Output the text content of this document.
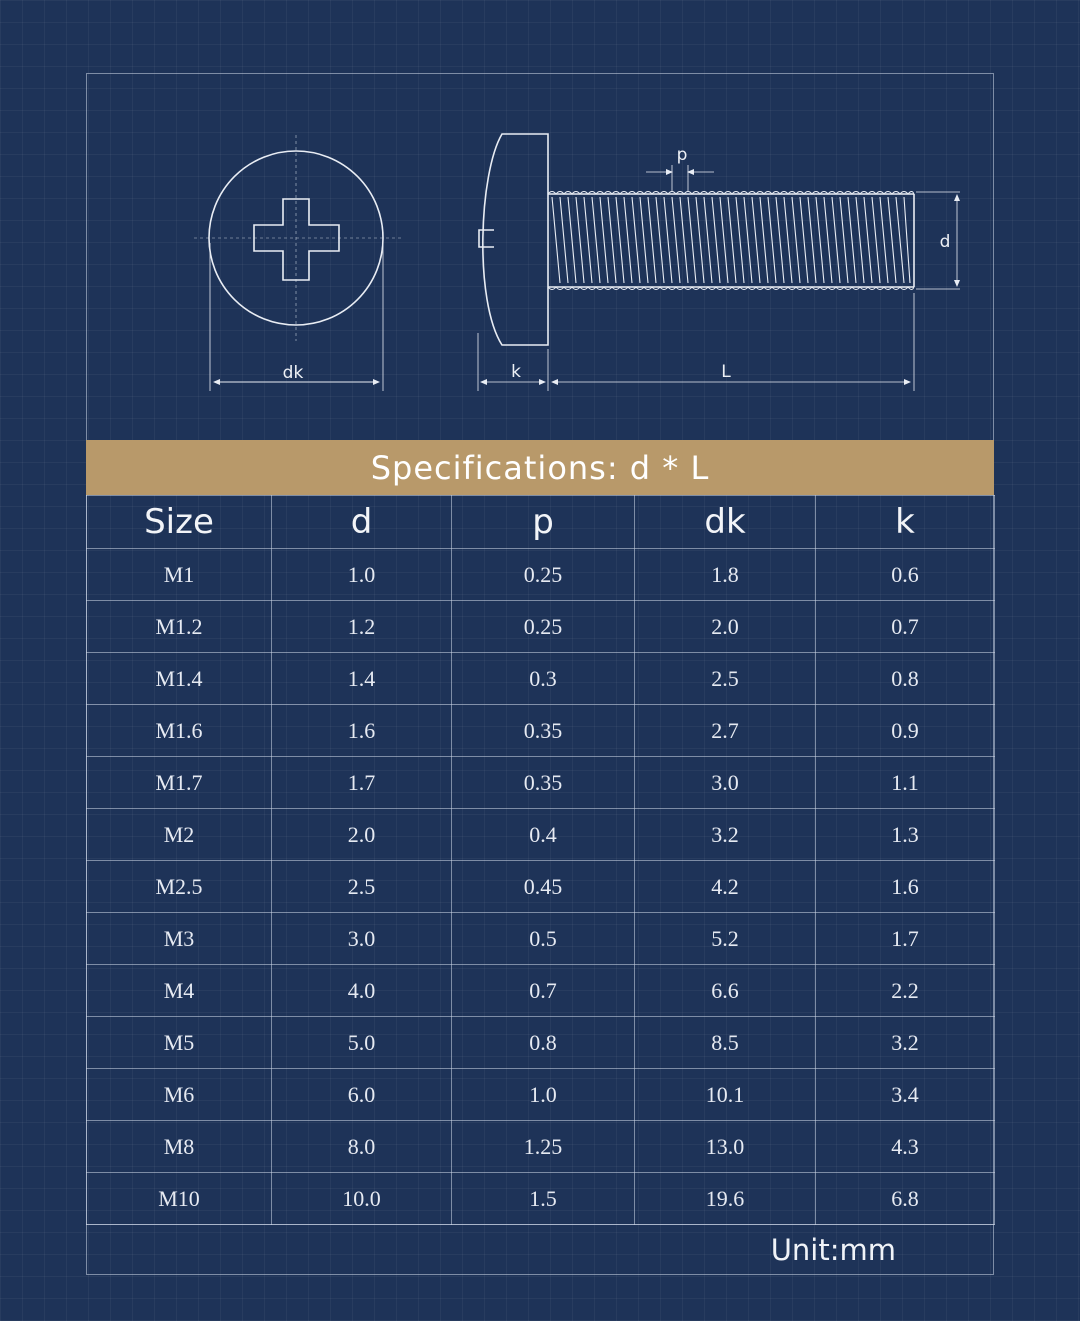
p
d
dk	k	L
Specifications: d * L
Size	d	p	dk	k
M1	1.0	0.25	1.8	0.6
M1.2	1.2	0.25	2.0	0.7
M1.4	1.4	0.3	2.5	0.8
M1.6	1.6	0.35	2.7	0.9
M1.7	1.7	0.35	3.0	1.1
M2	2.0	0.4	3.2	1.3
M2.5	2.5	0.45	4.2	1.6
M3	3.0	0.5	5.2	1.7
M4	4.0	0.7	6.6	2.2
M5	5.0	0.8	8.5	3.2
M6	6.0	1.0	10.1	3.4
M8	8.0	1.25	13.0	4.3
M10	10.0	1.5	19.6	6.8
Unit:mm
